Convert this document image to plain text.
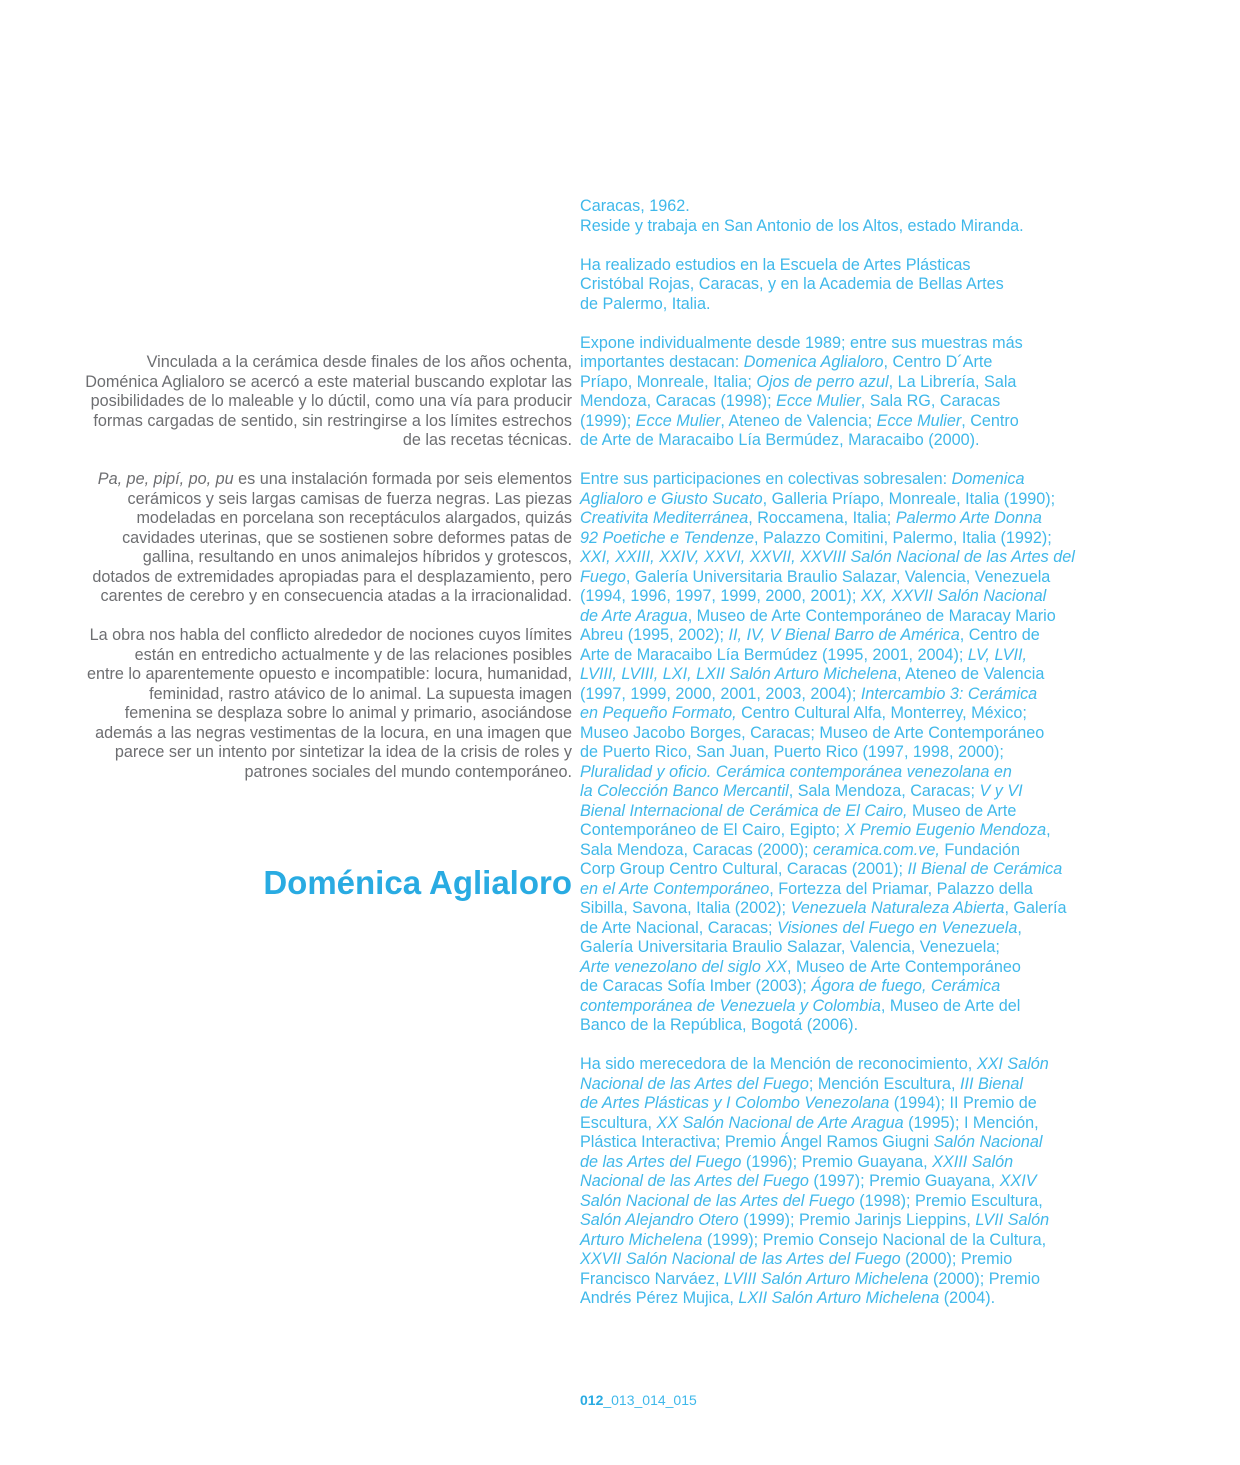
Vinculada a la cerámica desde finales de los años ochenta,
Doménica Aglialoro se acercó a este material buscando explotar las
posibilidades de lo maleable y lo dúctil, como una vía para producir
formas cargadas de sentido, sin restringirse a los límites estrechos
de las recetas técnicas.
Pa, pe, pipí, po, pu es una instalación formada por seis elementos
cerámicos y seis largas camisas de fuerza negras. Las piezas
modeladas en porcelana son receptáculos alargados, quizás
cavidades uterinas, que se sostienen sobre deformes patas de
gallina, resultando en unos animalejos híbridos y grotescos,
dotados de extremidades apropiadas para el desplazamiento, pero
carentes de cerebro y en consecuencia atadas a la irracionalidad.
La obra nos habla del conflicto alrededor de nociones cuyos límites
están en entredicho actualmente y de las relaciones posibles
entre lo aparentemente opuesto e incompatible: locura, humanidad,
feminidad, rastro atávico de lo animal. La supuesta imagen
femenina se desplaza sobre lo animal y primario, asociándose
además a las negras vestimentas de la locura, en una imagen que
parece ser un intento por sintetizar la idea de la crisis de roles y
patrones sociales del mundo contemporáneo.
Doménica Aglialoro

Caracas, 1962.
Reside y trabaja en San Antonio de los Altos, estado Miranda.

Ha realizado estudios en la Escuela de Artes Plásticas
Cristóbal Rojas, Caracas, y en la Academia de Bellas Artes
de Palermo, Italia.

Expone individualmente desde 1989; entre sus muestras más
importantes destacan: Domenica Aglialoro, Centro D´Arte
Príapo, Monreale, Italia; Ojos de perro azul, La Librería, Sala
Mendoza, Caracas (1998); Ecce Mulier, Sala RG, Caracas
(1999); Ecce Mulier, Ateneo de Valencia; Ecce Mulier, Centro
de Arte de Maracaibo Lía Bermúdez, Maracaibo (2000).

Entre sus participaciones en colectivas sobresalen: Domenica
Aglialoro e Giusto Sucato, Galleria Príapo, Monreale, Italia (1990);
Creativita Mediterránea, Roccamena, Italia; Palermo Arte Donna
92 Poetiche e Tendenze, Palazzo Comitini, Palermo, Italia (1992);
XXI, XXIII, XXIV, XXVI, XXVII, XXVIII Salón Nacional de las Artes del
Fuego, Galería Universitaria Braulio Salazar, Valencia, Venezuela
(1994, 1996, 1997, 1999, 2000, 2001); XX, XXVII Salón Nacional
de Arte Aragua, Museo de Arte Contemporáneo de Maracay Mario
Abreu (1995, 2002); II, IV, V Bienal Barro de América, Centro de
Arte de Maracaibo Lía Bermúdez (1995, 2001, 2004); LV, LVII,
LVIII, LVIII, LXI, LXII Salón Arturo Michelena, Ateneo de Valencia
(1997, 1999, 2000, 2001, 2003, 2004); Intercambio 3: Cerámica
en Pequeño Formato, Centro Cultural Alfa, Monterrey, México;
Museo Jacobo Borges, Caracas; Museo de Arte Contemporáneo
de Puerto Rico, San Juan, Puerto Rico (1997, 1998, 2000);
Pluralidad y oficio. Cerámica contemporánea venezolana en
la Colección Banco Mercantil, Sala Mendoza, Caracas; V y VI
Bienal Internacional de Cerámica de El Cairo, Museo de Arte
Contemporáneo de El Cairo, Egipto; X Premio Eugenio Mendoza,
Sala Mendoza, Caracas (2000); ceramica.com.ve, Fundación
Corp Group Centro Cultural, Caracas (2001); II Bienal de Cerámica
en el Arte Contemporáneo, Fortezza del Priamar, Palazzo della
Sibilla, Savona, Italia (2002); Venezuela Naturaleza Abierta, Galería
de Arte Nacional, Caracas; Visiones del Fuego en Venezuela,
Galería Universitaria Braulio Salazar, Valencia, Venezuela;
Arte venezolano del siglo XX, Museo de Arte Contemporáneo
de Caracas Sofía Imber (2003); Ágora de fuego, Cerámica
contemporánea de Venezuela y Colombia, Museo de Arte del
Banco de la República, Bogotá (2006).

Ha sido merecedora de la Mención de reconocimiento, XXI Salón
Nacional de las Artes del Fuego; Mención Escultura, III Bienal
de Artes Plásticas y I Colombo Venezolana (1994); II Premio de
Escultura, XX Salón Nacional de Arte Aragua (1995); I Mención,
Plástica Interactiva; Premio Ángel Ramos Giugni Salón Nacional
de las Artes del Fuego (1996); Premio Guayana, XXIII Salón
Nacional de las Artes del Fuego (1997); Premio Guayana, XXIV
Salón Nacional de las Artes del Fuego (1998); Premio Escultura,
Salón Alejandro Otero (1999); Premio Jarinjs Lieppins, LVII Salón
Arturo Michelena (1999); Premio Consejo Nacional de la Cultura,
XXVII Salón Nacional de las Artes del Fuego (2000); Premio
Francisco Narváez, LVIII Salón Arturo Michelena (2000); Premio
Andrés Pérez Mujica, LXII Salón Arturo Michelena (2004).

012_013_014_015
